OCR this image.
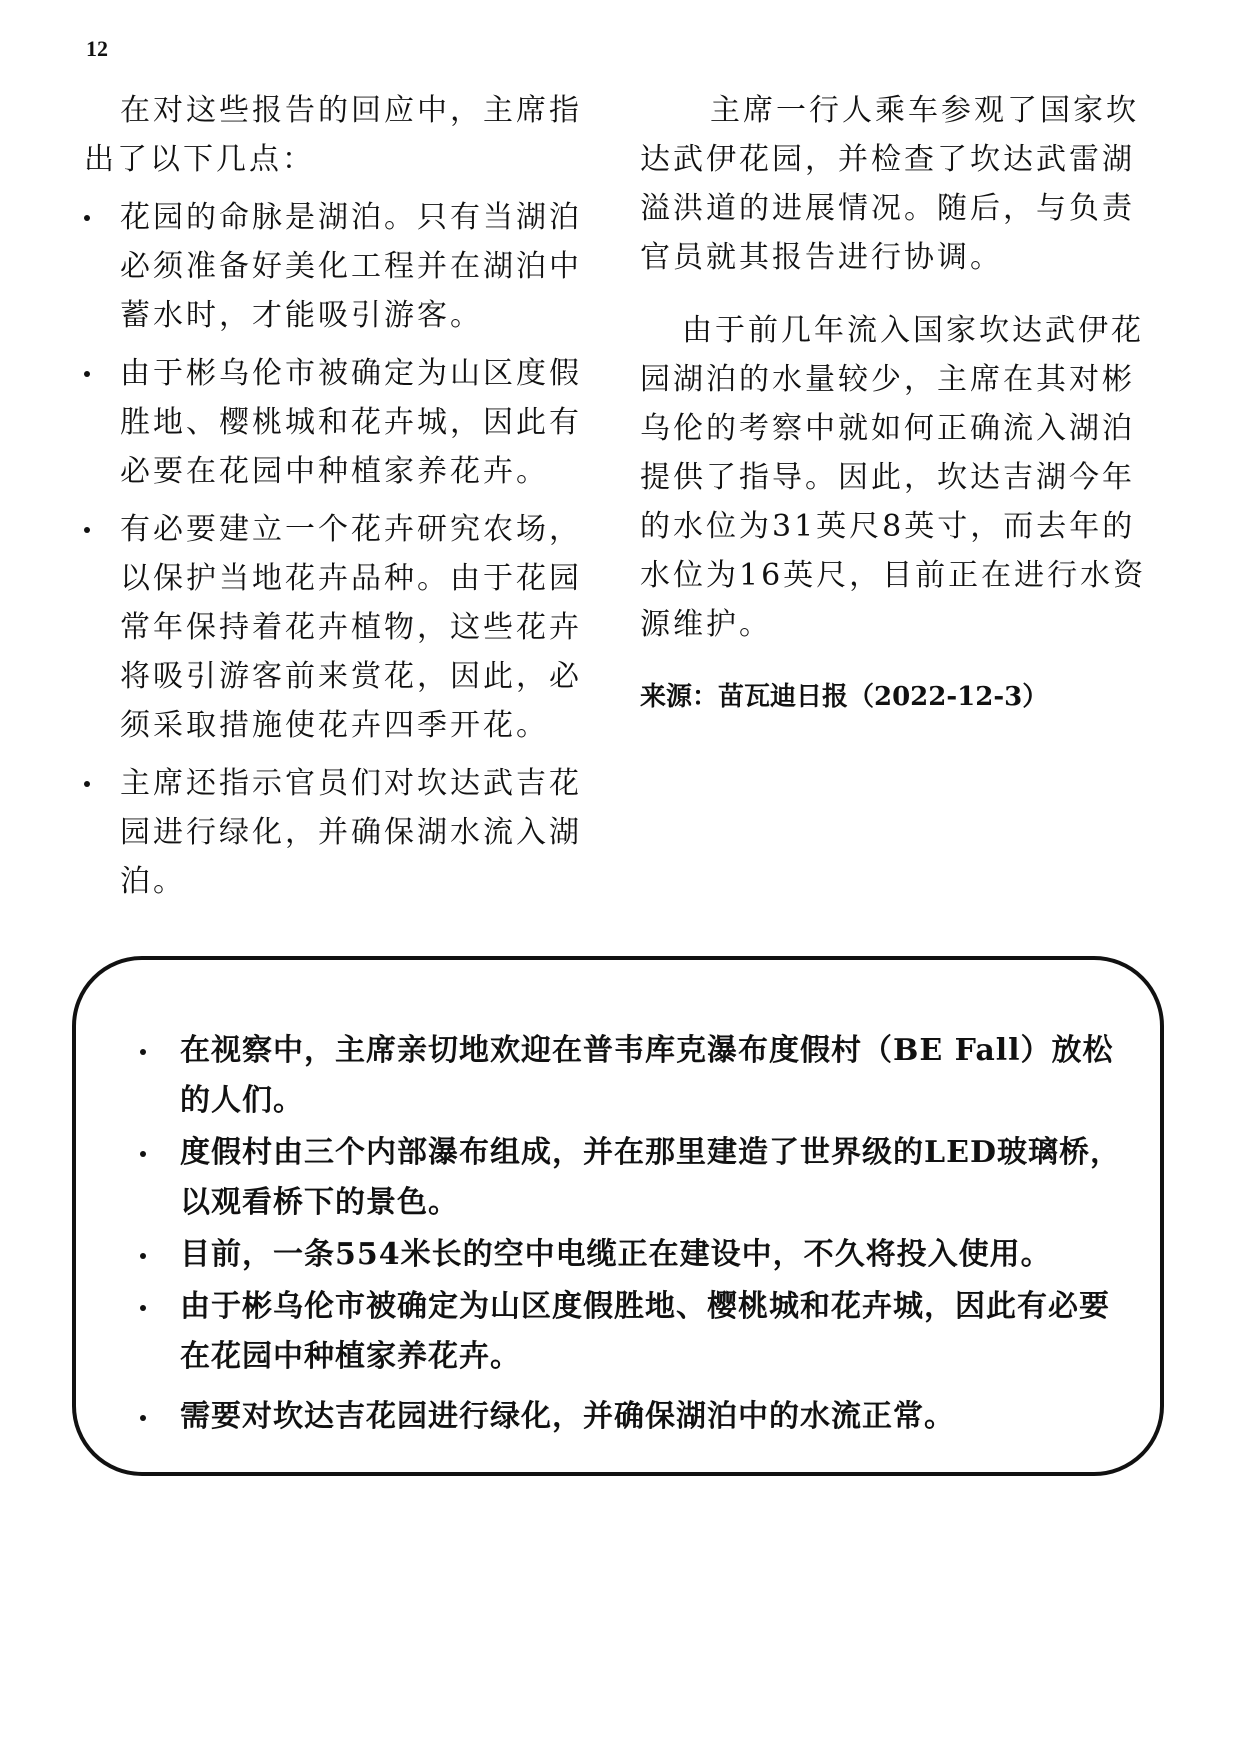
12

在对这些报告的回应中，主席指出了以下几点：

花园的命脉是湖泊。只有当湖泊必须准备好美化工程并在湖泊中蓄水时，才能吸引游客。
由于彬乌伦市被确定为山区度假胜地、樱桃城和花卉城，因此有必要在花园中种植家养花卉。
有必要建立一个花卉研究农场，以保护当地花卉品种。由于花园常年保持着花卉植物，这些花卉将吸引游客前来赏花，因此，必须采取措施使花卉四季开花。
主席还指示官员们对坎达武吉花园进行绿化，并确保湖水流入湖泊。

主席一行人乘车参观了国家坎达武伊花园，并检查了坎达武雷湖溢洪道的进展情况。随后，与负责官员就其报告进行协调。

由于前几年流入国家坎达武伊花园湖泊的水量较少，主席在其对彬乌伦的考察中就如何正确流入湖泊提供了指导。因此，坎达吉湖今年的水位为31英尺8英寸，而去年的水位为16英尺，目前正在进行水资源维护。

来源：苗瓦迪日报（2022-12-3）

在视察中，主席亲切地欢迎在普韦库克瀑布度假村（BE Fall）放松的人们。
度假村由三个内部瀑布组成，并在那里建造了世界级的LED玻璃桥，以观看桥下的景色。
目前，一条554米长的空中电缆正在建设中，不久将投入使用。
由于彬乌伦市被确定为山区度假胜地、樱桃城和花卉城，因此有必要在花园中种植家养花卉。
需要对坎达吉花园进行绿化，并确保湖泊中的水流正常。
